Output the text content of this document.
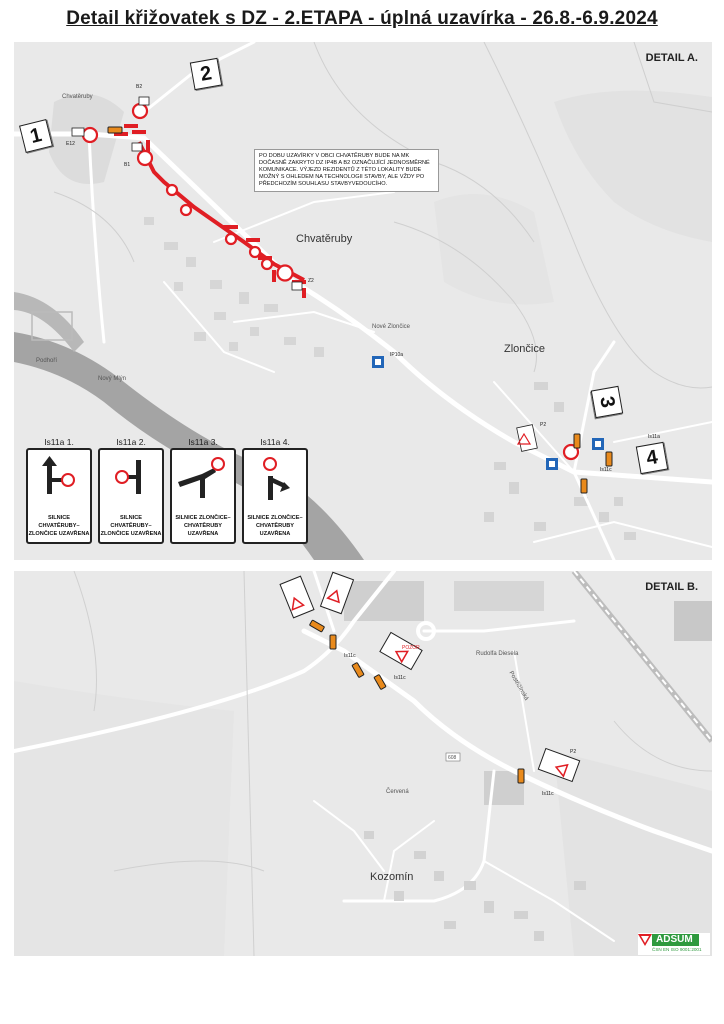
Detail křižovatek s DZ - 2.ETAPA - úplná uzavírka - 26.8.-6.9.2024
DETAIL A.
Chvatěruby
Zlončice
Nové Zlončice
Chvatěruby
Podhoří
Nový Mlýn
PO DOBU UZAVÍRKY V OBCI CHVATĚRUBY BUDE NA MK DOČASNĚ ZAKRYTO DZ IP4B A B2 OZNAČUJÍCÍ JEDNOSMĚRNÉ KOMUNIKACE. VÝJEZD REZIDENTŮ Z TÉTO LOKALITY BUDE MOŽNÝ S OHLEDEM NA TECHNOLOGII STAVBY, ALE VŽDY PO PŘEDCHOZÍM SOUHLASU STAVBYVEDOUCÍHO.
1
2
3
4
E12
B2
B1
Z2
IP10a
P2
Is11c
Is11a
Is11a 1.
SILNICE CHVATĚRUBY–ZLONČICE UZAVŘENA
Is11a 2.
SILNICE CHVATĚRUBY–ZLONČICE UZAVŘENA
Is11a 3.
SILNICE ZLONČICE–CHVATĚRUBY UZAVŘENA
Is11a 4.
SILNICE ZLONČICE–CHVATĚRUBY UZAVŘENA
DETAIL B.
Kozomín
Rudolfa Diesela
Postřižínská
Červená
608
Is11c
Is11c
Is11c
P2
POZOR
ADSUM
ČSN EN ISO 9001:2001
